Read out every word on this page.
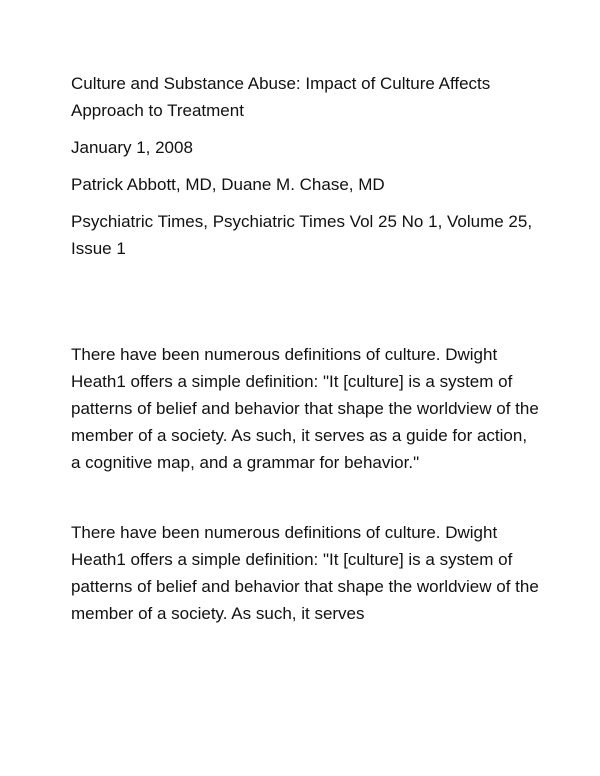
Culture and Substance Abuse: Impact of Culture Affects Approach to Treatment

January 1, 2008

Patrick Abbott, MD, Duane M. Chase, MD

Psychiatric Times, Psychiatric Times Vol 25 No 1, Volume 25, Issue 1

There have been numerous definitions of culture. Dwight Heath1 offers a simple definition: "It [culture] is a system of patterns of belief and behavior that shape the worldview of the member of a society. As such, it serves as a guide for action, a cognitive map, and a grammar for behavior."

There have been numerous definitions of culture. Dwight Heath1 offers a simple definition: "It [culture] is a system of patterns of belief and behavior that shape the worldview of the member of a society. As such, it serves
